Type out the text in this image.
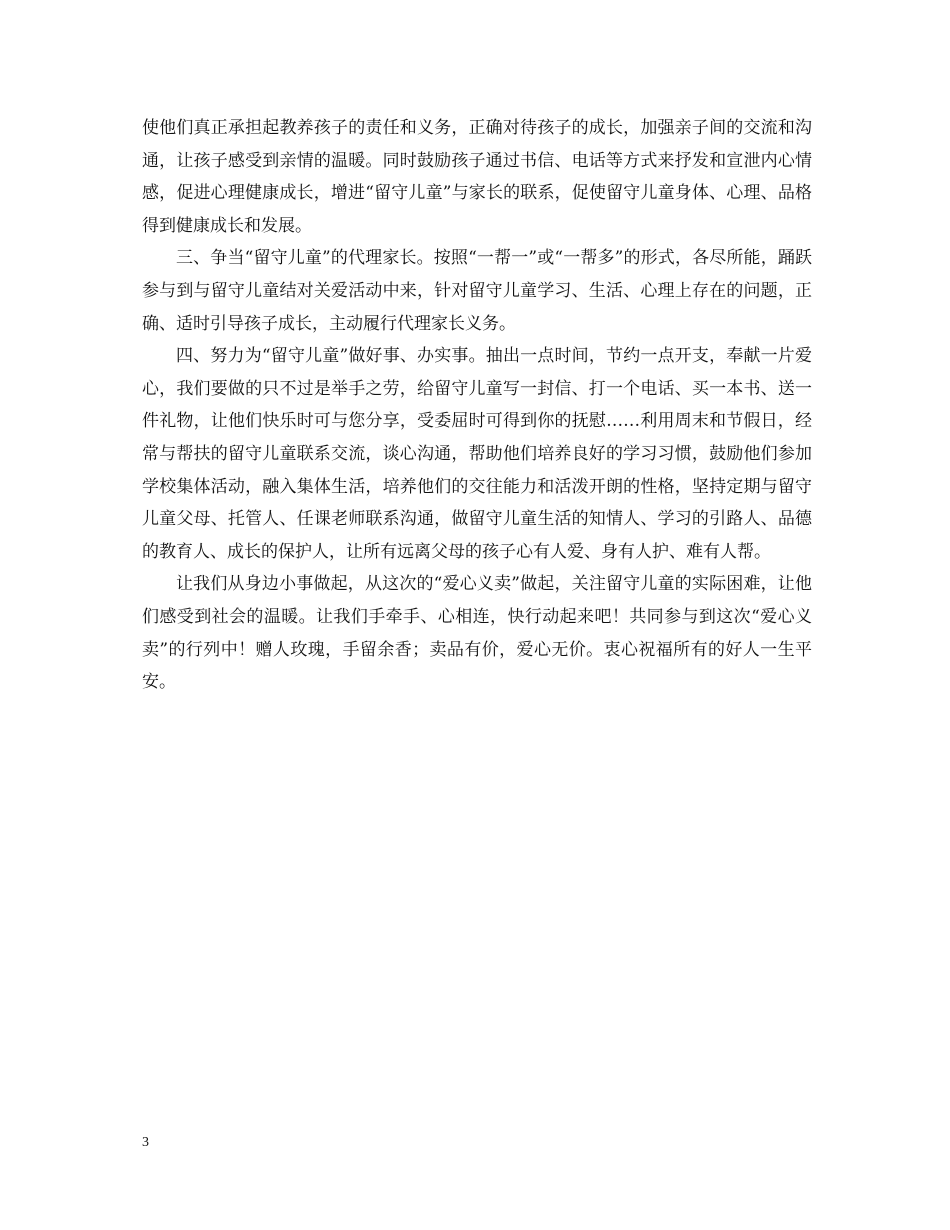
使他们真正承担起教养孩子的责任和义务，正确对待孩子的成长，加强亲子间的交流和沟通，让孩子感受到亲情的温暖。同时鼓励孩子通过书信、电话等方式来抒发和宣泄内心情感，促进心理健康成长，增进“留守儿童”与家长的联系，促使留守儿童身体、心理、品格得到健康成长和发展。

三、争当“留守儿童”的代理家长。按照“一帮一”或“一帮多”的形式，各尽所能，踊跃参与到与留守儿童结对关爱活动中来，针对留守儿童学习、生活、心理上存在的问题，正确、适时引导孩子成长，主动履行代理家长义务。

四、努力为“留守儿童”做好事、办实事。抽出一点时间，节约一点开支，奉献一片爱心，我们要做的只不过是举手之劳，给留守儿童写一封信、打一个电话、买一本书、送一件礼物，让他们快乐时可与您分享，受委屈时可得到你的抚慰……利用周末和节假日，经常与帮扶的留守儿童联系交流，谈心沟通，帮助他们培养良好的学习习惯，鼓励他们参加学校集体活动，融入集体生活，培养他们的交往能力和活泼开朗的性格，坚持定期与留守儿童父母、托管人、任课老师联系沟通，做留守儿童生活的知情人、学习的引路人、品德的教育人、成长的保护人，让所有远离父母的孩子心有人爱、身有人护、难有人帮。

让我们从身边小事做起，从这次的“爱心义卖”做起，关注留守儿童的实际困难，让他们感受到社会的温暖。让我们手牵手、心相连，快行动起来吧！共同参与到这次“爱心义卖”的行列中！赠人玫瑰，手留余香；卖品有价，爱心无价。衷心祝福所有的好人一生平安。

3
